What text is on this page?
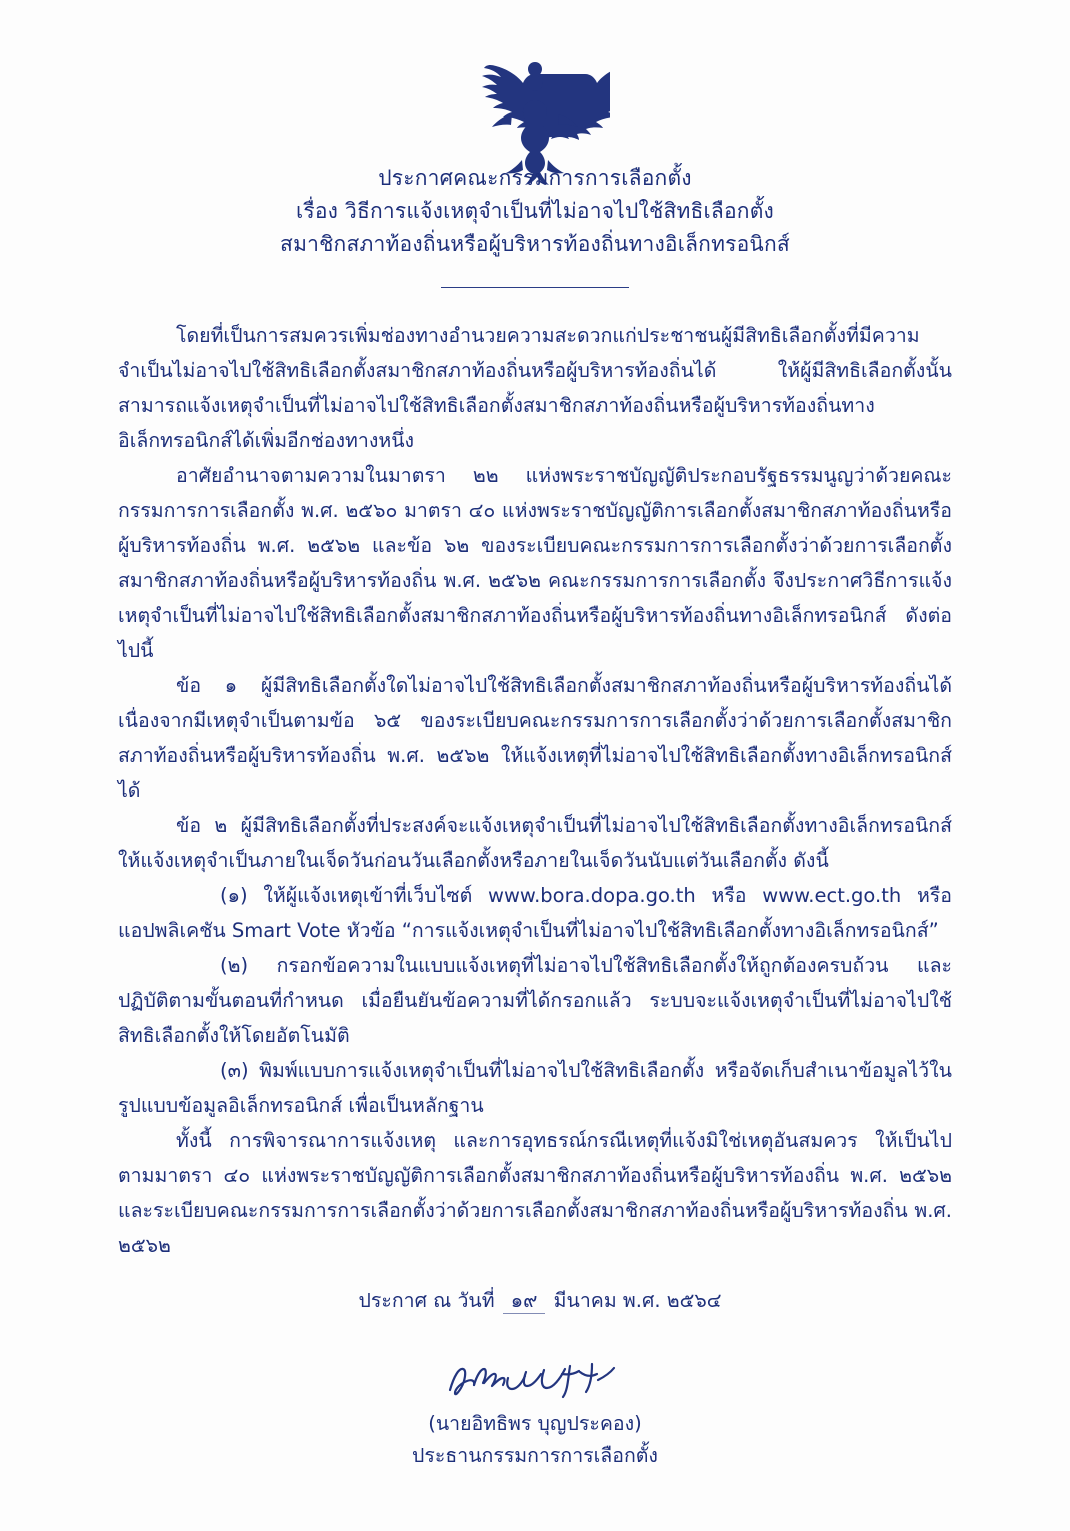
ประกาศคณะกรรมการการเลือกตั้ง
เรื่อง วิธีการแจ้งเหตุจำเป็นที่ไม่อาจไปใช้สิทธิเลือกตั้ง
สมาชิกสภาท้องถิ่นหรือผู้บริหารท้องถิ่นทางอิเล็กทรอนิกส์

โดยที่เป็นการสมควรเพิ่มช่องทางอำนวยความสะดวกแก่ประชาชนผู้มีสิทธิเลือกตั้งที่มีความจำเป็นไม่อาจไปใช้สิทธิเลือกตั้งสมาชิกสภาท้องถิ่นหรือผู้บริหารท้องถิ่นได้ ให้ผู้มีสิทธิเลือกตั้งนั้นสามารถแจ้งเหตุจำเป็นที่ไม่อาจไปใช้สิทธิเลือกตั้งสมาชิกสภาท้องถิ่นหรือผู้บริหารท้องถิ่นทางอิเล็กทรอนิกส์ได้เพิ่มอีกช่องทางหนึ่ง

อาศัยอำนาจตามความในมาตรา ๒๒ แห่งพระราชบัญญัติประกอบรัฐธรรมนูญว่าด้วยคณะกรรมการการเลือกตั้ง พ.ศ. ๒๕๖๐ มาตรา ๔๐ แห่งพระราชบัญญัติการเลือกตั้งสมาชิกสภาท้องถิ่นหรือผู้บริหารท้องถิ่น พ.ศ. ๒๕๖๒ และข้อ ๖๒ ของระเบียบคณะกรรมการการเลือกตั้งว่าด้วยการเลือกตั้งสมาชิกสภาท้องถิ่นหรือผู้บริหารท้องถิ่น พ.ศ. ๒๕๖๒ คณะกรรมการการเลือกตั้ง จึงประกาศวิธีการแจ้งเหตุจำเป็นที่ไม่อาจไปใช้สิทธิเลือกตั้งสมาชิกสภาท้องถิ่นหรือผู้บริหารท้องถิ่นทางอิเล็กทรอนิกส์ ดังต่อไปนี้

ข้อ ๑ ผู้มีสิทธิเลือกตั้งใดไม่อาจไปใช้สิทธิเลือกตั้งสมาชิกสภาท้องถิ่นหรือผู้บริหารท้องถิ่นได้ เนื่องจากมีเหตุจำเป็นตามข้อ ๖๕ ของระเบียบคณะกรรมการการเลือกตั้งว่าด้วยการเลือกตั้งสมาชิกสภาท้องถิ่นหรือผู้บริหารท้องถิ่น พ.ศ. ๒๕๖๒ ให้แจ้งเหตุที่ไม่อาจไปใช้สิทธิเลือกตั้งทางอิเล็กทรอนิกส์ได้

ข้อ ๒ ผู้มีสิทธิเลือกตั้งที่ประสงค์จะแจ้งเหตุจำเป็นที่ไม่อาจไปใช้สิทธิเลือกตั้งทางอิเล็กทรอนิกส์ ให้แจ้งเหตุจำเป็นภายในเจ็ดวันก่อนวันเลือกตั้งหรือภายในเจ็ดวันนับแต่วันเลือกตั้ง ดังนี้

(๑) ให้ผู้แจ้งเหตุเข้าที่เว็บไซต์ www.bora.dopa.go.th หรือ www.ect.go.th หรือแอปพลิเคชัน Smart Vote หัวข้อ “การแจ้งเหตุจำเป็นที่ไม่อาจไปใช้สิทธิเลือกตั้งทางอิเล็กทรอนิกส์”

(๒) กรอกข้อความในแบบแจ้งเหตุที่ไม่อาจไปใช้สิทธิเลือกตั้งให้ถูกต้องครบถ้วน และปฏิบัติตามขั้นตอนที่กำหนด เมื่อยืนยันข้อความที่ได้กรอกแล้ว ระบบจะแจ้งเหตุจำเป็นที่ไม่อาจไปใช้สิทธิเลือกตั้งให้โดยอัตโนมัติ

(๓) พิมพ์แบบการแจ้งเหตุจำเป็นที่ไม่อาจไปใช้สิทธิเลือกตั้ง หรือจัดเก็บสำเนาข้อมูลไว้ในรูปแบบข้อมูลอิเล็กทรอนิกส์ เพื่อเป็นหลักฐาน

ทั้งนี้ การพิจารณาการแจ้งเหตุ และการอุทธรณ์กรณีเหตุที่แจ้งมิใช่เหตุอันสมควร ให้เป็นไปตามมาตรา ๔๐ แห่งพระราชบัญญัติการเลือกตั้งสมาชิกสภาท้องถิ่นหรือผู้บริหารท้องถิ่น พ.ศ. ๒๕๖๒ และระเบียบคณะกรรมการการเลือกตั้งว่าด้วยการเลือกตั้งสมาชิกสภาท้องถิ่นหรือผู้บริหารท้องถิ่น พ.ศ. ๒๕๖๒

ประกาศ ณ วันที่ ๑๙ มีนาคม พ.ศ. ๒๕๖๔
(นายอิทธิพร บุญประคอง)
ประธานกรรมการการเลือกตั้ง
